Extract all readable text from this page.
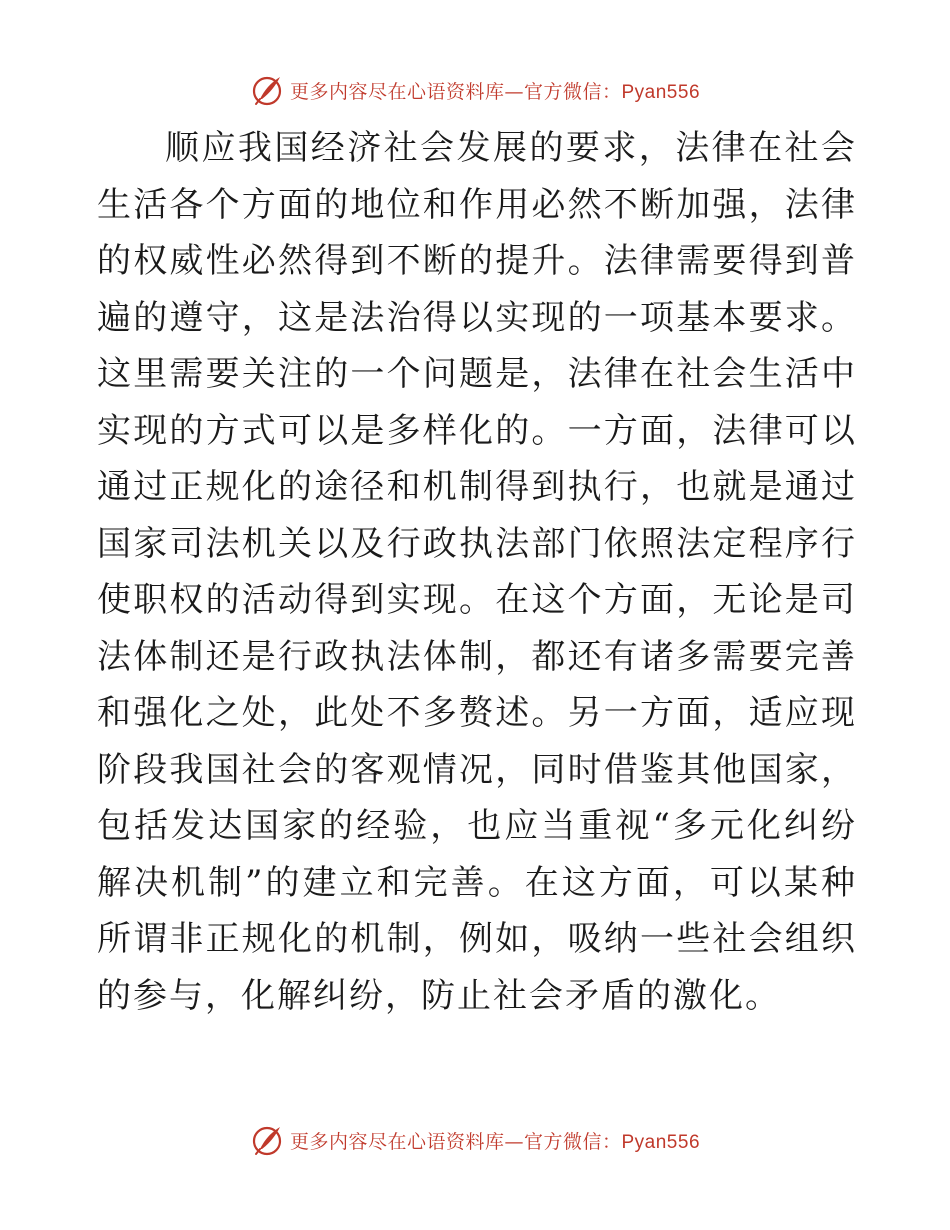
更多内容尽在心语资料库—官方微信：Pyan556

顺应我国经济社会发展的要求，法律在社会生活各个方面的地位和作用必然不断加强，法律的权威性必然得到不断的提升。法律需要得到普遍的遵守，这是法治得以实现的一项基本要求。这里需要关注的一个问题是，法律在社会生活中实现的方式可以是多样化的。一方面，法律可以通过正规化的途径和机制得到执行，也就是通过国家司法机关以及行政执法部门依照法定程序行使职权的活动得到实现。在这个方面，无论是司法体制还是行政执法体制，都还有诸多需要完善和强化之处，此处不多赘述。另一方面，适应现阶段我国社会的客观情况，同时借鉴其他国家，包括发达国家的经验，也应当重视“多元化纠纷解决机制”的建立和完善。在这方面，可以某种所谓非正规化的机制，例如，吸纳一些社会组织的参与，化解纠纷，防止社会矛盾的激化。

更多内容尽在心语资料库—官方微信：Pyan556
